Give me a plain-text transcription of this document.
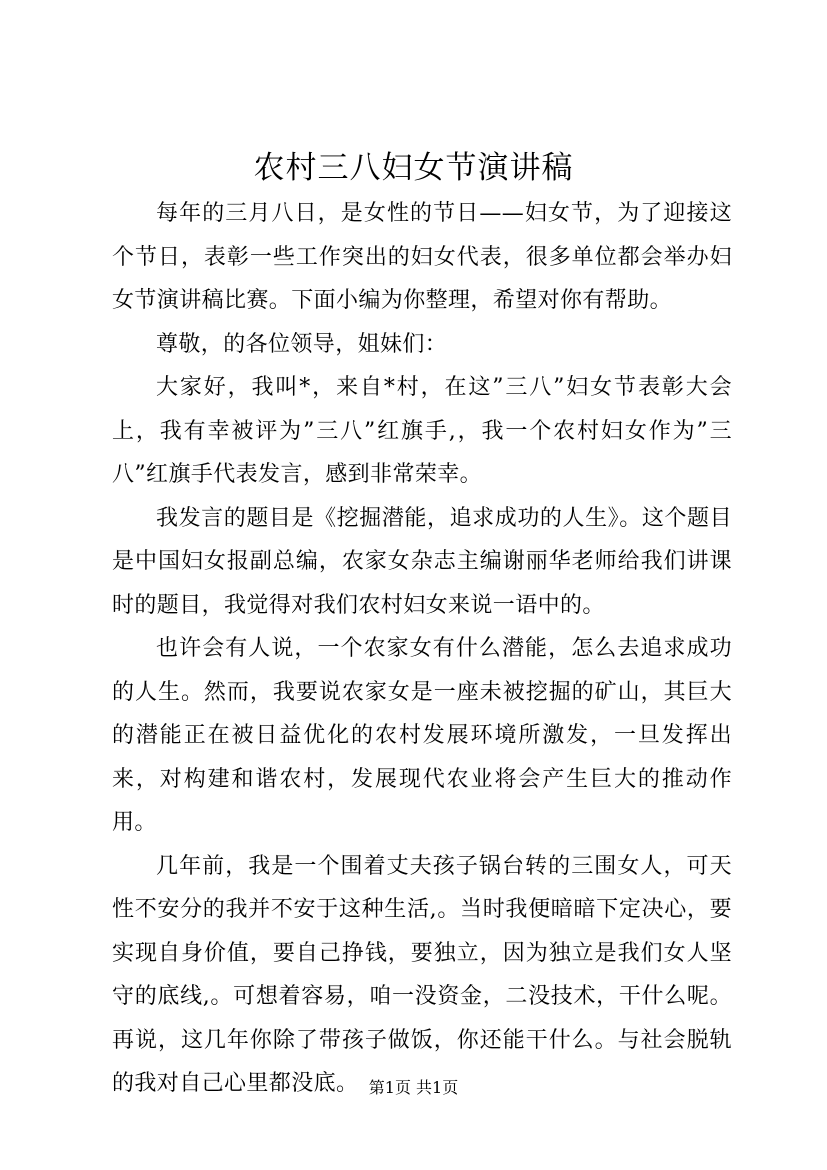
农村三八妇女节演讲稿

每年的三月八日，是女性的节日——妇女节，为了迎接这个节日，表彰一些工作突出的妇女代表，很多单位都会举办妇女节演讲稿比赛。下面小编为你整理，希望对你有帮助。

尊敬，的各位领导，姐妹们：

大家好，我叫*，来自*村，在这”三八”妇女节表彰大会上，我有幸被评为”三八”红旗手,，我一个农村妇女作为”三八”红旗手代表发言，感到非常荣幸。

我发言的题目是《挖掘潜能，追求成功的人生》。这个题目是中国妇女报副总编，农家女杂志主编谢丽华老师给我们讲课时的题目，我觉得对我们农村妇女来说一语中的。

也许会有人说，一个农家女有什么潜能，怎么去追求成功的人生。然而，我要说农家女是一座未被挖掘的矿山，其巨大的潜能正在被日益优化的农村发展环境所激发，一旦发挥出来，对构建和谐农村，发展现代农业将会产生巨大的推动作用。

几年前，我是一个围着丈夫孩子锅台转的三围女人，可天性不安分的我并不安于这种生活,。当时我便暗暗下定决心，要实现自身价值，要自己挣钱，要独立，因为独立是我们女人坚守的底线,。可想着容易，咱一没资金，二没技术，干什么呢。再说，这几年你除了带孩子做饭，你还能干什么。与社会脱轨的我对自己心里都没底。 第1页 共1页
